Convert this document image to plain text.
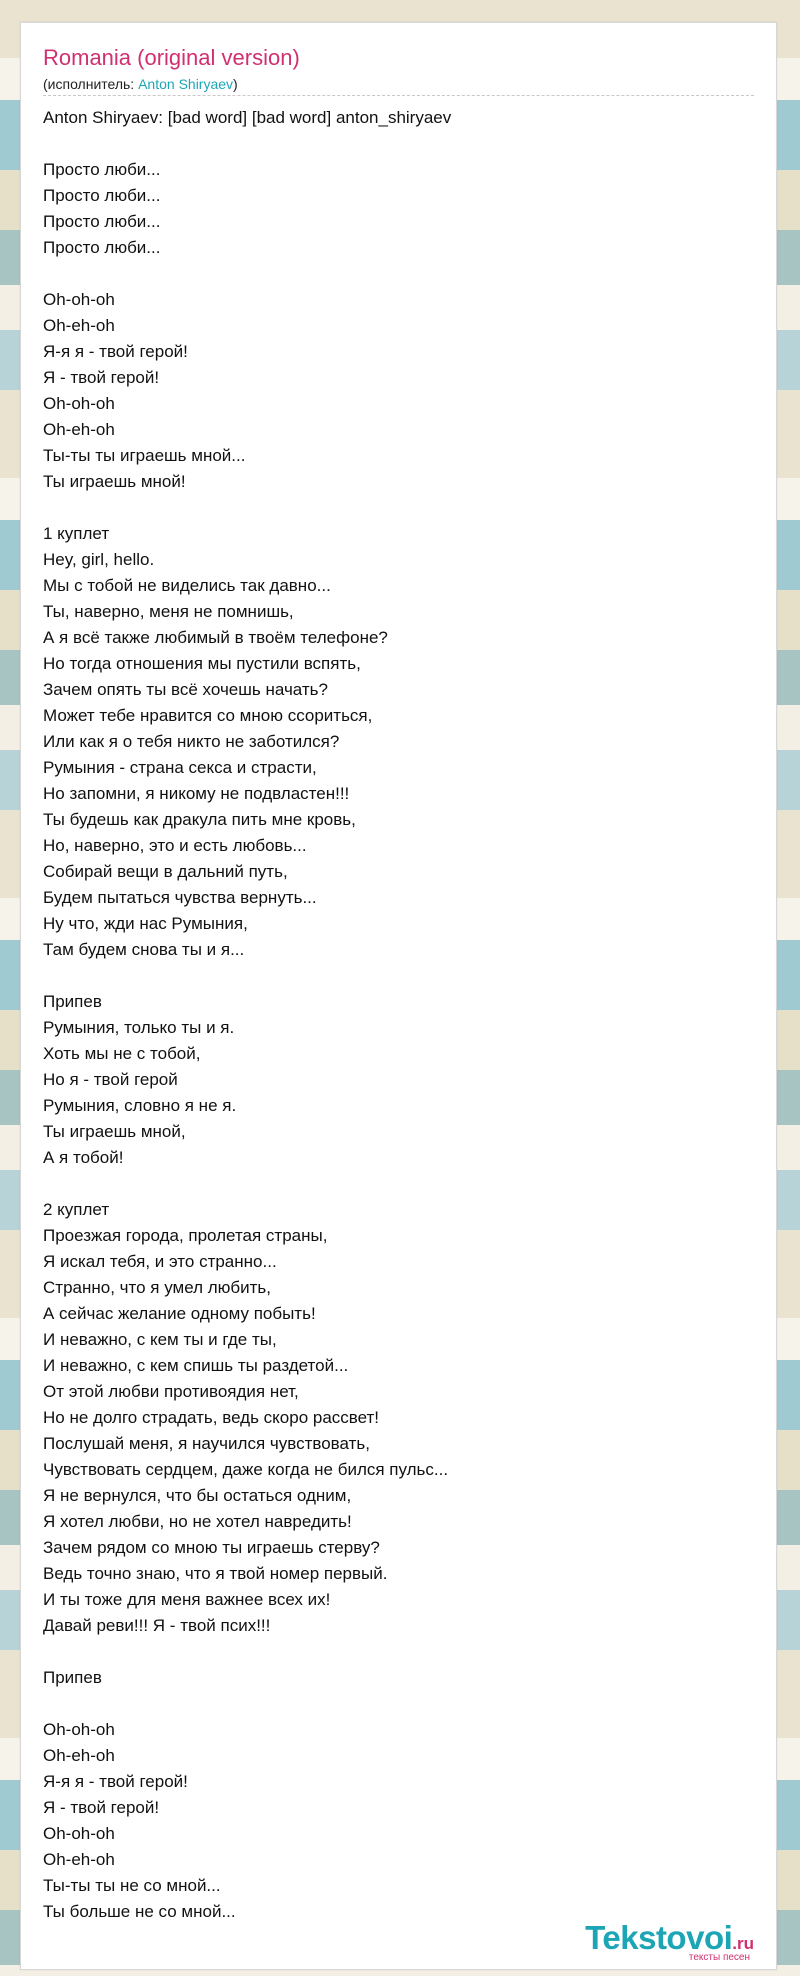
Romania (original version)
(исполнитель: Anton Shiryaev)
Anton Shiryaev: [bad word] [bad word] anton_shiryaev
Просто люби...
Просто люби...
Просто люби...
Просто люби...
Oh-oh-oh
Oh-eh-oh
Я-я я - твой герой!
Я - твой герой!
Oh-oh-oh
Oh-eh-oh
Ты-ты ты играешь мной...
Ты играешь мной!
1 куплет
Hey, girl, hello.
Мы с тобой не виделись так давно...
Ты, наверно, меня не помнишь,
А я всё также любимый в твоём телефоне?
Но тогда отношения мы пустили вспять,
Зачем опять ты всё хочешь начать?
Может тебе нравится со мною ссориться,
Или как я о тебя никто не заботился?
Румыния - страна секса и страсти,
Но запомни, я никому не подвластен!!!
Ты будешь как дракула пить мне кровь,
Но, наверно, это и есть любовь...
Собирай вещи в дальний путь,
Будем пытаться чувства вернуть...
Ну что, жди нас Румыния,
Там будем снова ты и я...
Припев
Румыния, только ты и я.
Хоть мы не с тобой,
Но я - твой герой
Румыния, словно я не я.
Ты играешь мной,
А я тобой!
2 куплет
Проезжая города, пролетая страны,
Я искал тебя, и это странно...
Странно, что я умел любить,
А сейчас желание одному побыть!
И неважно, с кем ты и где ты,
И неважно, с кем спишь ты раздетой...
От этой любви противоядия нет,
Но не долго страдать, ведь скоро рассвет!
Послушай меня, я научился чувствовать,
Чувствовать сердцем, даже когда не бился пульс...
Я не вернулся, что бы остаться одним,
Я хотел любви, но не хотел навредить!
Зачем рядом со мною ты играешь стерву?
Ведь точно знаю, что я твой номер первый.
И ты тоже для меня важнее всех их!
Давай реви!!! Я - твой псих!!!
Припев
Oh-oh-oh
Oh-eh-oh
Я-я я - твой герой!
Я - твой герой!
Oh-oh-oh
Oh-eh-oh
Ты-ты ты не со мной...
Ты больше не со мной...
Tekstovoi.ru
тексты песен
